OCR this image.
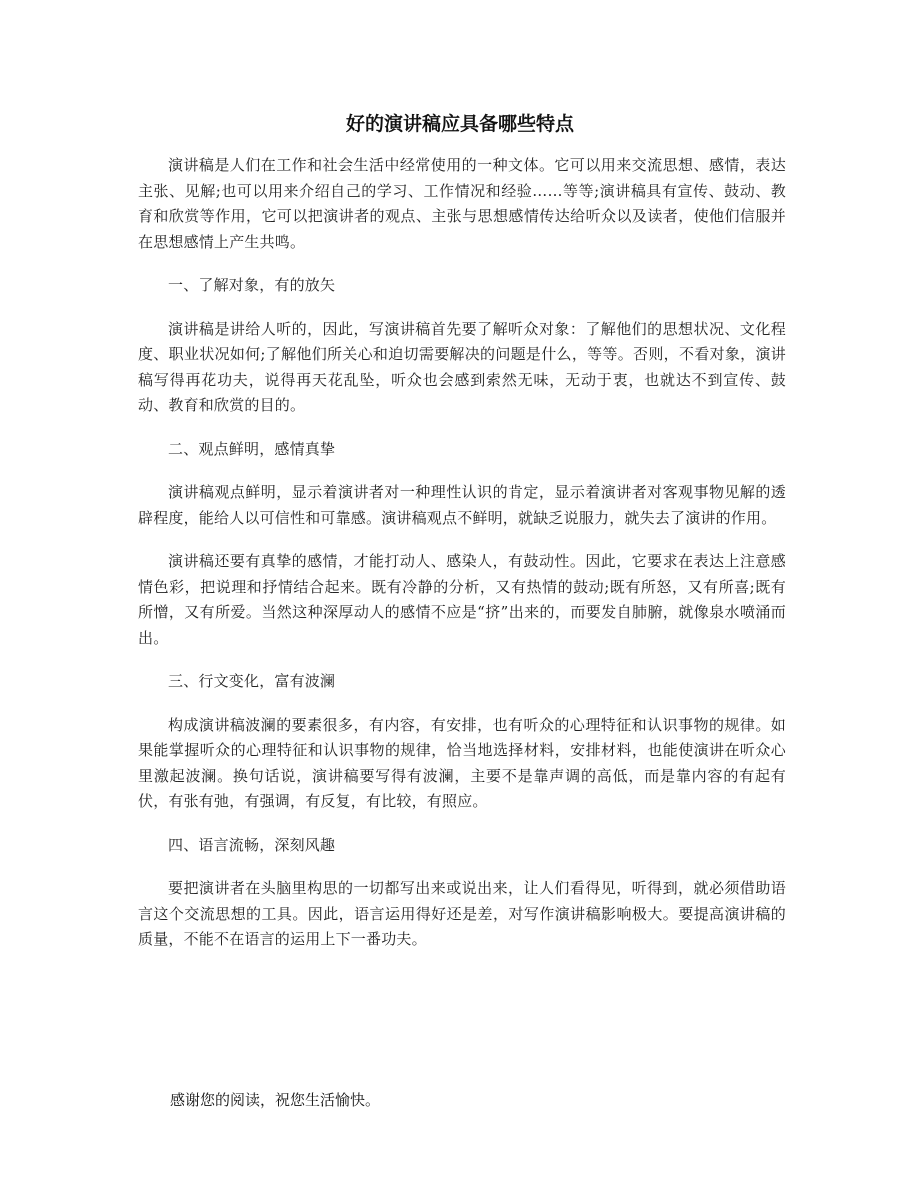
好的演讲稿应具备哪些特点

演讲稿是人们在工作和社会生活中经常使用的一种文体。它可以用来交流思想、感情，表达主张、见解;也可以用来介绍自己的学习、工作情况和经验……等等;演讲稿具有宣传、鼓动、教育和欣赏等作用，它可以把演讲者的观点、主张与思想感情传达给听众以及读者，使他们信服并在思想感情上产生共鸣。

一、了解对象，有的放矢

演讲稿是讲给人听的，因此，写演讲稿首先要了解听众对象：了解他们的思想状况、文化程度、职业状况如何;了解他们所关心和迫切需要解决的问题是什么，等等。否则，不看对象，演讲稿写得再花功夫，说得再天花乱坠，听众也会感到索然无味，无动于衷，也就达不到宣传、鼓动、教育和欣赏的目的。

二、观点鲜明，感情真挚

演讲稿观点鲜明，显示着演讲者对一种理性认识的肯定，显示着演讲者对客观事物见解的透辟程度，能给人以可信性和可靠感。演讲稿观点不鲜明，就缺乏说服力，就失去了演讲的作用。

演讲稿还要有真挚的感情，才能打动人、感染人，有鼓动性。因此，它要求在表达上注意感情色彩，把说理和抒情结合起来。既有冷静的分析，又有热情的鼓动;既有所怒，又有所喜;既有所憎，又有所爱。当然这种深厚动人的感情不应是“挤”出来的，而要发自肺腑，就像泉水喷涌而出。

三、行文变化，富有波澜

构成演讲稿波澜的要素很多，有内容，有安排，也有听众的心理特征和认识事物的规律。如果能掌握听众的心理特征和认识事物的规律，恰当地选择材料，安排材料，也能使演讲在听众心里激起波澜。换句话说，演讲稿要写得有波澜，主要不是靠声调的高低，而是靠内容的有起有伏，有张有弛，有强调，有反复，有比较，有照应。

四、语言流畅，深刻风趣

要把演讲者在头脑里构思的一切都写出来或说出来，让人们看得见，听得到，就必须借助语言这个交流思想的工具。因此，语言运用得好还是差，对写作演讲稿影响极大。要提高演讲稿的质量，不能不在语言的运用上下一番功夫。

感谢您的阅读，祝您生活愉快。
